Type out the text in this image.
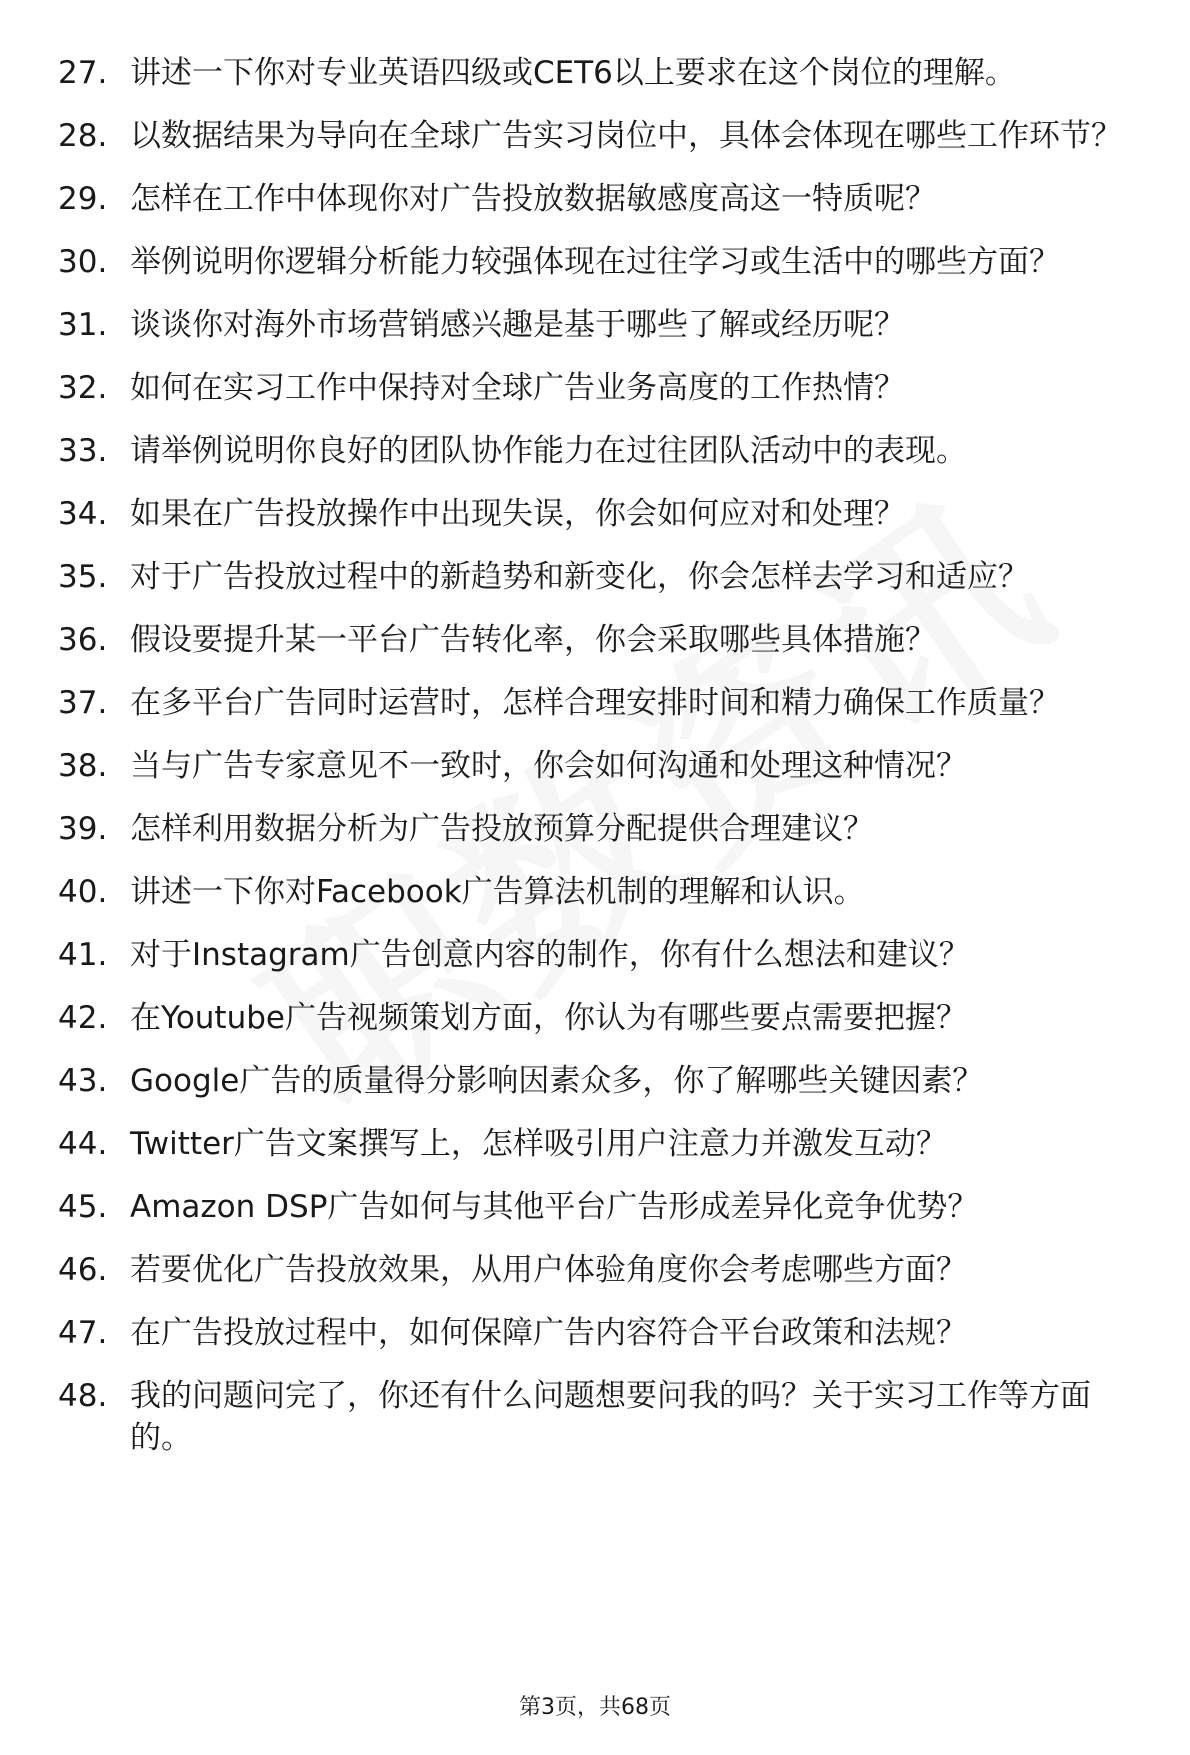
27. 讲述一下你对专业英语四级或CET6以上要求在这个岗位的理解。
28. 以数据结果为导向在全球广告实习岗位中，具体会体现在哪些工作环节？
29. 怎样在工作中体现你对广告投放数据敏感度高这一特质呢？
30. 举例说明你逻辑分析能力较强体现在过往学习或生活中的哪些方面？
31. 谈谈你对海外市场营销感兴趣是基于哪些了解或经历呢？
32. 如何在实习工作中保持对全球广告业务高度的工作热情？
33. 请举例说明你良好的团队协作能力在过往团队活动中的表现。
34. 如果在广告投放操作中出现失误，你会如何应对和处理？
35. 对于广告投放过程中的新趋势和新变化，你会怎样去学习和适应？
36. 假设要提升某一平台广告转化率，你会采取哪些具体措施？
37. 在多平台广告同时运营时，怎样合理安排时间和精力确保工作质量？
38. 当与广告专家意见不一致时，你会如何沟通和处理这种情况？
39. 怎样利用数据分析为广告投放预算分配提供合理建议？
40. 讲述一下你对Facebook广告算法机制的理解和认识。
41. 对于Instagram广告创意内容的制作，你有什么想法和建议？
42. 在Youtube广告视频策划方面，你认为有哪些要点需要把握？
43. Google广告的质量得分影响因素众多，你了解哪些关键因素？
44. Twitter广告文案撰写上，怎样吸引用户注意力并激发互动？
45. Amazon DSP广告如何与其他平台广告形成差异化竞争优势？
46. 若要优化广告投放效果，从用户体验角度你会考虑哪些方面？
47. 在广告投放过程中，如何保障广告内容符合平台政策和法规？
48. 我的问题问完了，你还有什么问题想要问我的吗？关于实习工作等方面的。
第3页，共68页
